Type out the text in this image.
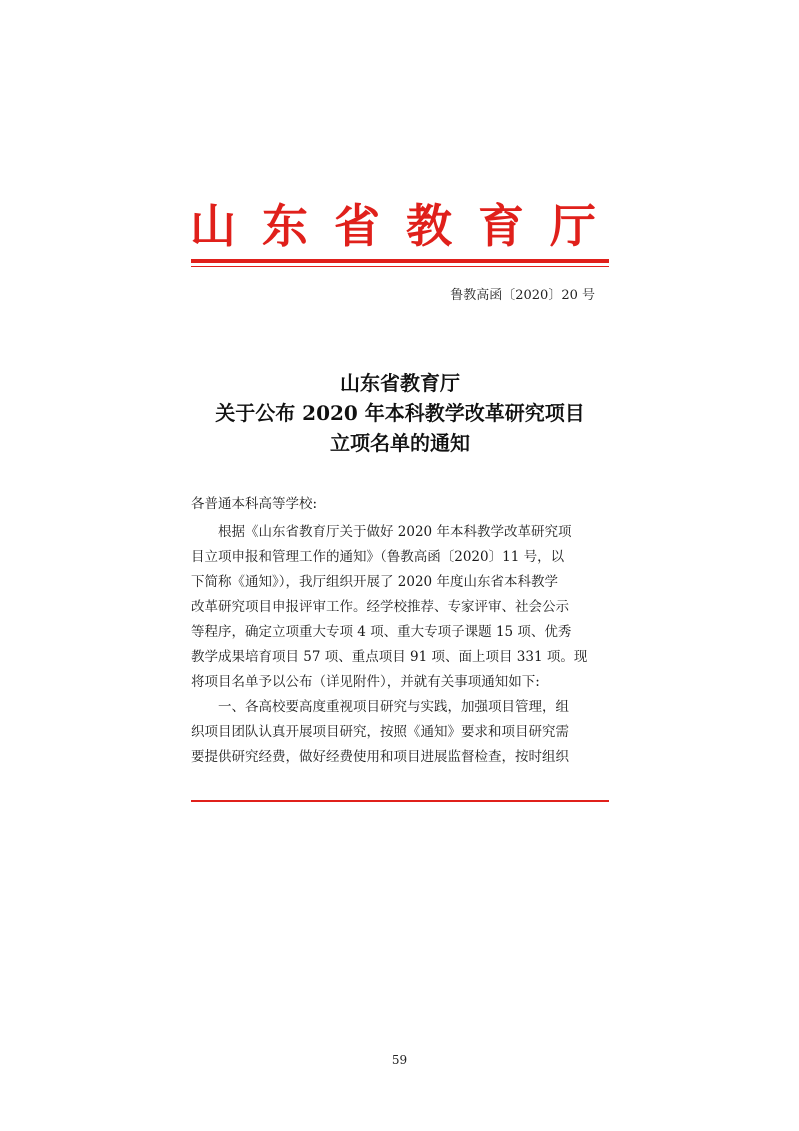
山东省教育厅
鲁教高函〔2020〕20 号
山东省教育厅
关于公布 2020 年本科教学改革研究项目
立项名单的通知
各普通本科高等学校:
　　根据《山东省教育厅关于做好 2020 年本科教学改革研究项
目立项申报和管理工作的通知》（鲁教高函〔2020〕11 号，以
下简称《通知》），我厅组织开展了 2020 年度山东省本科教学
改革研究项目申报评审工作。经学校推荐、专家评审、社会公示
等程序，确定立项重大专项 4 项、重大专项子课题 15 项、优秀
教学成果培育项目 57 项、重点项目 91 项、面上项目 331 项。现
将项目名单予以公布（详见附件），并就有关事项通知如下:
　　一、各高校要高度重视项目研究与实践，加强项目管理，组
织项目团队认真开展项目研究，按照《通知》要求和项目研究需
要提供研究经费，做好经费使用和项目进展监督检查，按时组织
59
